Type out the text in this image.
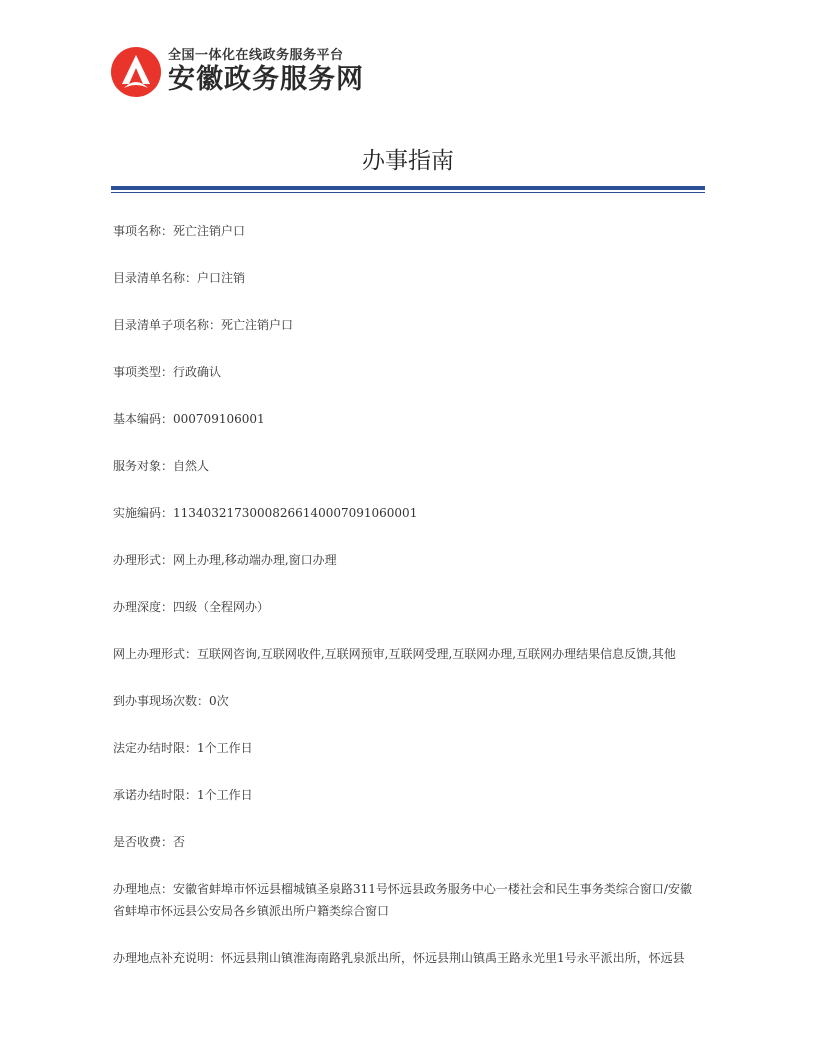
全国一体化在线政务服务平台
安徽政务服务网
办事指南
事项名称：死亡注销户口
目录清单名称：户口注销
目录清单子项名称：死亡注销户口
事项类型：行政确认
基本编码：000709106001
服务对象：自然人
实施编码：11340321730008266140007091060001
办理形式：网上办理,移动端办理,窗口办理
办理深度：四级（全程网办）
网上办理形式：互联网咨询,互联网收件,互联网预审,互联网受理,互联网办理,互联网办理结果信息反馈,其他
到办事现场次数：0次
法定办结时限：1个工作日
承诺办结时限：1个工作日
是否收费：否
办理地点：安徽省蚌埠市怀远县榴城镇圣泉路311号怀远县政务服务中心一楼社会和民生事务类综合窗口/安徽省蚌埠市怀远县公安局各乡镇派出所户籍类综合窗口
办理地点补充说明：怀远县荆山镇淮海南路乳泉派出所，怀远县荆山镇禹王路永光里1号永平派出所，怀远县
